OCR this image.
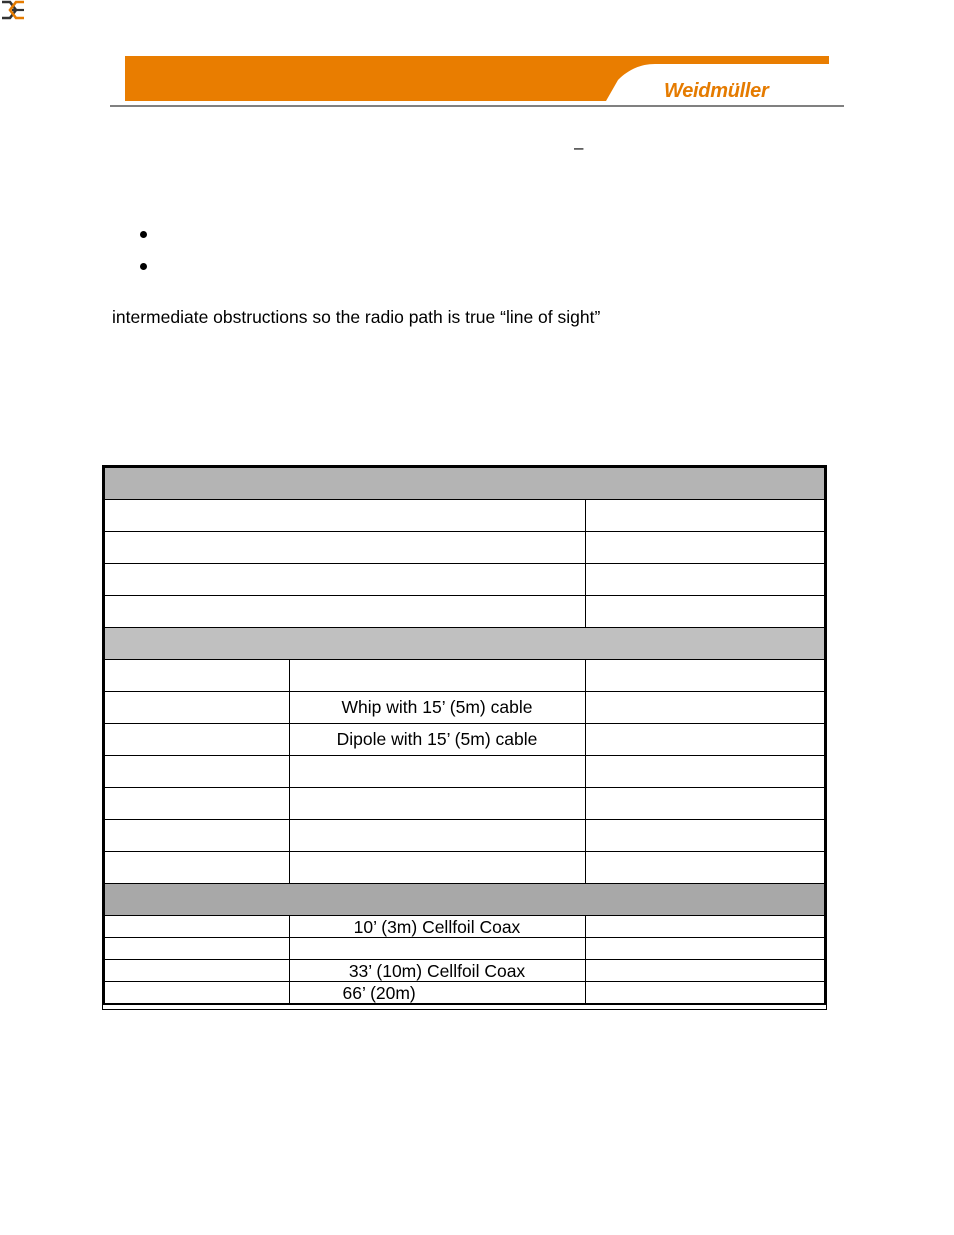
Weidmüller
–
intermediate obstructions so the radio path is true “line of sight”

	Whip with 15’ (5m) cable	
	Dipole with 15’ (5m) cable	

	10’ (3m) Cellfoil Coax	

	33’ (10m) Cellfoil Coax	
	66’ (20m)	
